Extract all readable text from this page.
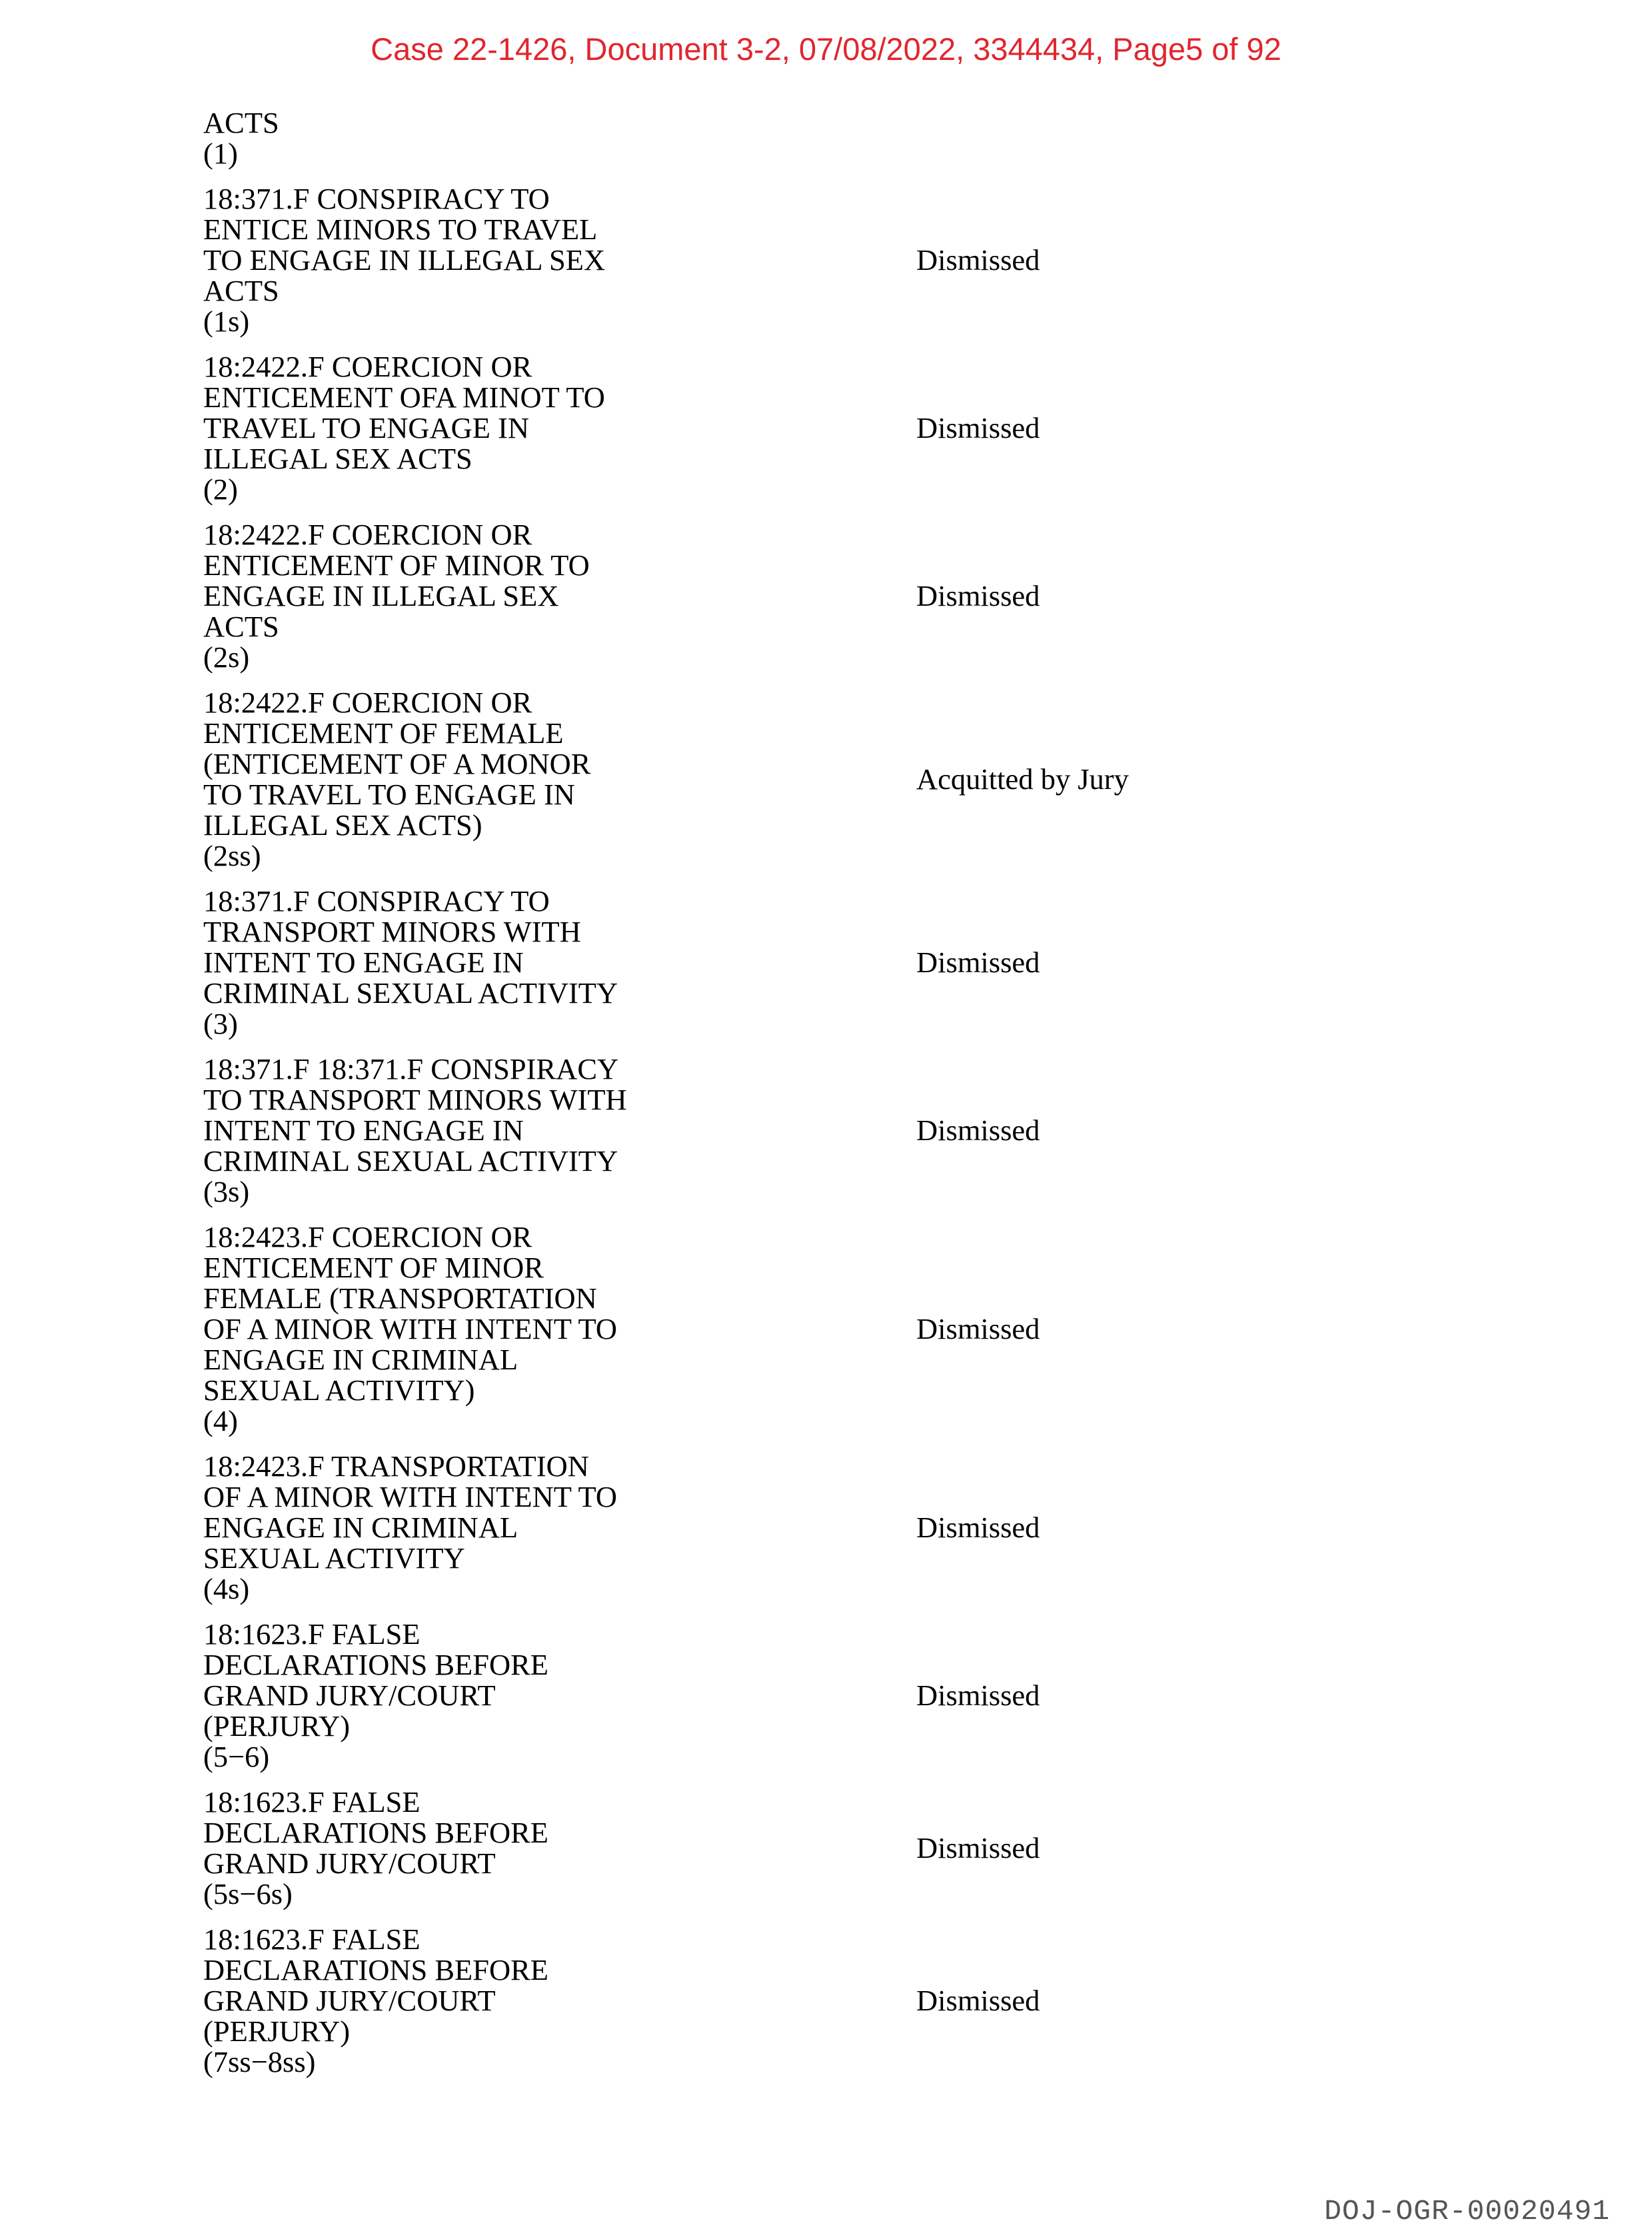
Case 22-1426, Document 3-2, 07/08/2022, 3344434, Page5 of 92
ACTS
(1)
18:371.F CONSPIRACY TO
ENTICE MINORS TO TRAVEL
TO ENGAGE IN ILLEGAL SEX
ACTS
(1s)
Dismissed
18:2422.F COERCION OR
ENTICEMENT OFA MINOT TO
TRAVEL TO ENGAGE IN
ILLEGAL SEX ACTS
(2)
Dismissed
18:2422.F COERCION OR
ENTICEMENT OF MINOR TO
ENGAGE IN ILLEGAL SEX
ACTS
(2s)
Dismissed
18:2422.F COERCION OR
ENTICEMENT OF FEMALE
(ENTICEMENT OF A MONOR
TO TRAVEL TO ENGAGE IN
ILLEGAL SEX ACTS)
(2ss)
Acquitted by Jury
18:371.F CONSPIRACY TO
TRANSPORT MINORS WITH
INTENT TO ENGAGE IN
CRIMINAL SEXUAL ACTIVITY
(3)
Dismissed
18:371.F 18:371.F CONSPIRACY
TO TRANSPORT MINORS WITH
INTENT TO ENGAGE IN
CRIMINAL SEXUAL ACTIVITY
(3s)
Dismissed
18:2423.F COERCION OR
ENTICEMENT OF MINOR
FEMALE (TRANSPORTATION
OF A MINOR WITH INTENT TO
ENGAGE IN CRIMINAL
SEXUAL ACTIVITY)
(4)
Dismissed
18:2423.F TRANSPORTATION
OF A MINOR WITH INTENT TO
ENGAGE IN CRIMINAL
SEXUAL ACTIVITY
(4s)
Dismissed
18:1623.F FALSE
DECLARATIONS BEFORE
GRAND JURY/COURT
(PERJURY)
(5−6)
Dismissed
18:1623.F FALSE
DECLARATIONS BEFORE
GRAND JURY/COURT
(5s−6s)
Dismissed
18:1623.F FALSE
DECLARATIONS BEFORE
GRAND JURY/COURT
(PERJURY)
(7ss−8ss)
Dismissed
DOJ-OGR-00020491
